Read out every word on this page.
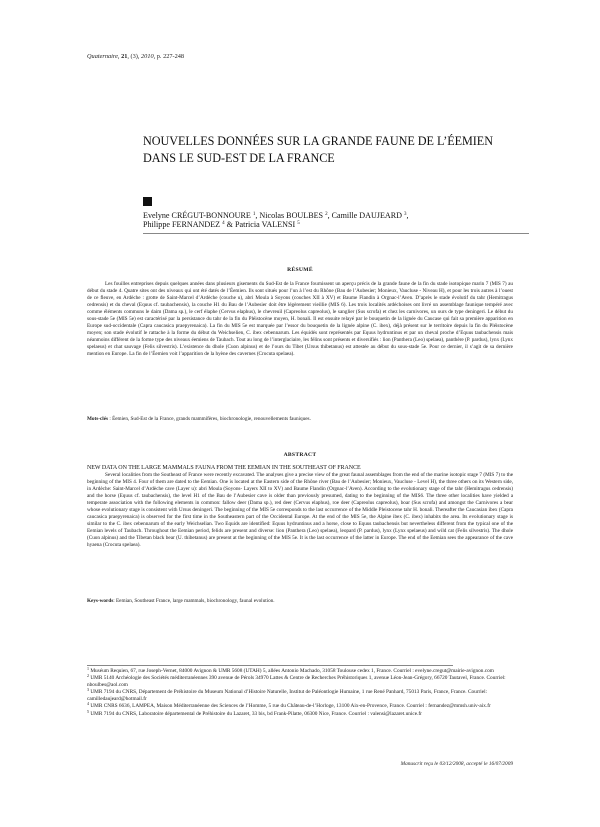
Quaternaire, 21, (3), 2010, p. 227-248
NOUVELLES DONNÉES SUR LA GRANDE FAUNE DE L’ÉEMIEN
DANS LE SUD-EST DE LA FRANCE
Evelyne CRÉGUT-BONNOURE $^1$, Nicolas BOULBES $^2$, Camille DAUJEARD $^3$,
Philippe FERNANDEZ $^4$ & Patricia VALENSI $^5$
RÉSUMÉ
Les fouilles entreprises depuis quelques années dans plusieurs gisements du Sud-Est de la France fournissent un aperçu précis de la grande faune de la fin du stade isotopique marin 7 (MIS 7) au début du stade 4. Quatre sites ont des niveaux qui ont été datés de l’Éemien. Ils sont situés pour l’un à l’est du Rhône (Bau de l’Aubesier; Monieux, Vaucluse - Niveau H), et pour les trois autres à l’ouest de ce fleuve, en Ardèche : grotte de Saint-Marcel d’Ardèche (couche u), abri Moula à Soyons (couches XII à XV) et Baume Flandin à Orgnac-l’Aven. D’après le stade évolutif du tahr (Hemitragus cedrensis) et du cheval (Equus cf. taubachensis), la couche H1 du Bau de l’Aubesier doit être légèrement vieillie (MIS 6). Les trois localités ardéchoises ont livré un assemblage faunique tempéré avec comme éléments communs le daim (Dama sp.), le cerf élaphe (Cervus elaphus), le chevreuil (Capreolus capreolus), le sanglier (Sus scrofa) et chez les carnivores, un ours de type deningeri. Le début du sous-stade 5e (MIS 5e) est caractérisé par la persistance du tahr de la fin du Pléistocène moyen, H. bonali. Il est ensuite relayé par le bouquetin de la lignée du Caucase qui fait sa première apparition en Europe sud-occidentale (Capra caucasica praepyrenaica). La fin du MIS 5e est marquée par l’essor du bouquetin de la lignée alpine (C. ibex), déjà présent sur le territoire depuis la fin du Pléistocène moyen; son stade évolutif le rattache à la forme du début du Weichselien, C. ibex cebennarum. Les équidés sont représentés par Equus hydruntinus et par un cheval proche d’Equus taubachensis mais néanmoins différent de la forme type des niveaux éemiens de Taubach. Tout au long de l’interglaciaire, les félins sont présents et diversifiés : lion (Panthera (Leo) spelaea), panthère (P. pardus), lynx (Lynx spelaeus) et chat sauvage (Felis silvestris). L’existence du dhole (Cuon alpinus) et de l’ours du Tibet (Ursus thibetanus) est attestée au début du sous-stade 5e. Pour ce dernier, il s’agit de sa dernière mention en Europe. La fin de l’Éemien voit l’apparition de la hyène des cavernes (Crocuta spelaea).
Mots-clés : Éemien, Sud-Est de la France, grands mammifères, biochronologie, renouvellements fauniques.
ABSTRACT
NEW DATA ON THE LARGE MAMMALS FAUNA FROM THE EEMIAN IN THE SOUTHEAST OF FRANCE
Several localities from the Southeast of France were recently excavated. The analyses give a precise view of the great faunal assemblages from the end of the marine isotopic stage 7 (MIS 7) to the beginning of the MIS 4. Four of them are dated to the Eemian. One is located at the Eastern side of the Rhône river (Bau de l’Aubesier; Monieux, Vaucluse - Level H), the three others on its Western side, in Ardèche: Saint-Marcel d’Ardèche cave (Layer u): abri Moula (Soyons- Layers XII to XV) and Baume Flandin (Orgnac-l’Aven). According to the evolutionary stage of the tahr (Hemitragus cedrensis) and the horse (Equus cf. taubachensis), the level H1 of the Bau de l’Aubesier cave is older than previously presumed, dating to the beginning of the MIS6. The three other localities have yielded a temperate association with the following elements in common: fallow deer (Dama sp.), red deer (Cervus elaphus), roe deer (Capreolus capreolus), boar (Sus scrofa) and amongst the Carnivores a bear whose evolutionary stage is consistent with Ursus deningeri. The beginning of the MIS 5e corresponds to the last occurrence of the Middle Pleistocene tahr H. bonali. Thereafter the Caucasian ibex (Capra caucasica praepyrenaica) is observed for the first time in the Southeastern part of the Occidental Europe. At the end of the MIS 5e, the Alpine ibex (C. ibex) inhabits the area. Its evolutionary stage is similar to the C. ibex cebennarum of the early Weichselian. Two Equids are identified: Equus hydruntinus and a horse, close to Equus taubachensis but nevertheless different from the typical one of the Eemian levels of Taubach. Throughout the Eemian period, felids are present and diverse: lion (Panthera (Leo) spelaea), leopard (P. pardus), lynx (Lynx spelaeus) and wild cat (Felis silvestris). The dhole (Cuon alpinus) and the Tibetan black bear (U. thibetanus) are present at the beginning of the MIS 5e. It is the last occurrence of the latter in Europe. The end of the Eemian sees the appearance of the cave hyaena (Crocuta spelaea).
Keys-words: Eemian, Southeast France, large mammals, biochronology, faunal evolution.
$^1$ Muséum Requien, 67, rue Joseph-Vernet, 84000 Avignon & UMR 5608 (UTAH) 5, allées Antonio Machado, 31058 Toulouse cedex 1, France. Courriel : evelyne.cregut@mairie-avignon.com
$^2$ UMR 5140 Archéologie des Sociétés méditerranéennes 390 avenue de Pérols 34970 Lattes & Centre de Recherches Préhistoriques 1, avenue Léon-Jean-Grégory, 66720 Tautavel, France. Courriel: nboulbes@aol.com
$^3$ UMR 7194 du CNRS, Département de Préhistoire du Museum National d’Histoire Naturelle, Institut de Paléontlogie Humaine, 1 rue René Panhard, 75013 Paris, France, France. Courriel: camilledaujeard@hotmail.fr
$^4$ UMR CNRS 6636, LAMPEA, Maison Méditerranéenne des Sciences de l’Homme, 5 rue du Château-de-l’Horloge, 13100 Aix-en-Provence, France. Courriel : fernandez@mmsh.univ-aix.fr
$^5$ UMR 7194 du CNRS, Laboratoire départemental de Préhistoire du Lazaret, 33 bis, bd Frank-Pilatte, 06300 Nice, France. Courriel : valensi@lazaret.unice.fr
Manuscrit reçu le 03/12/2008, accepté le 16/07/2009
